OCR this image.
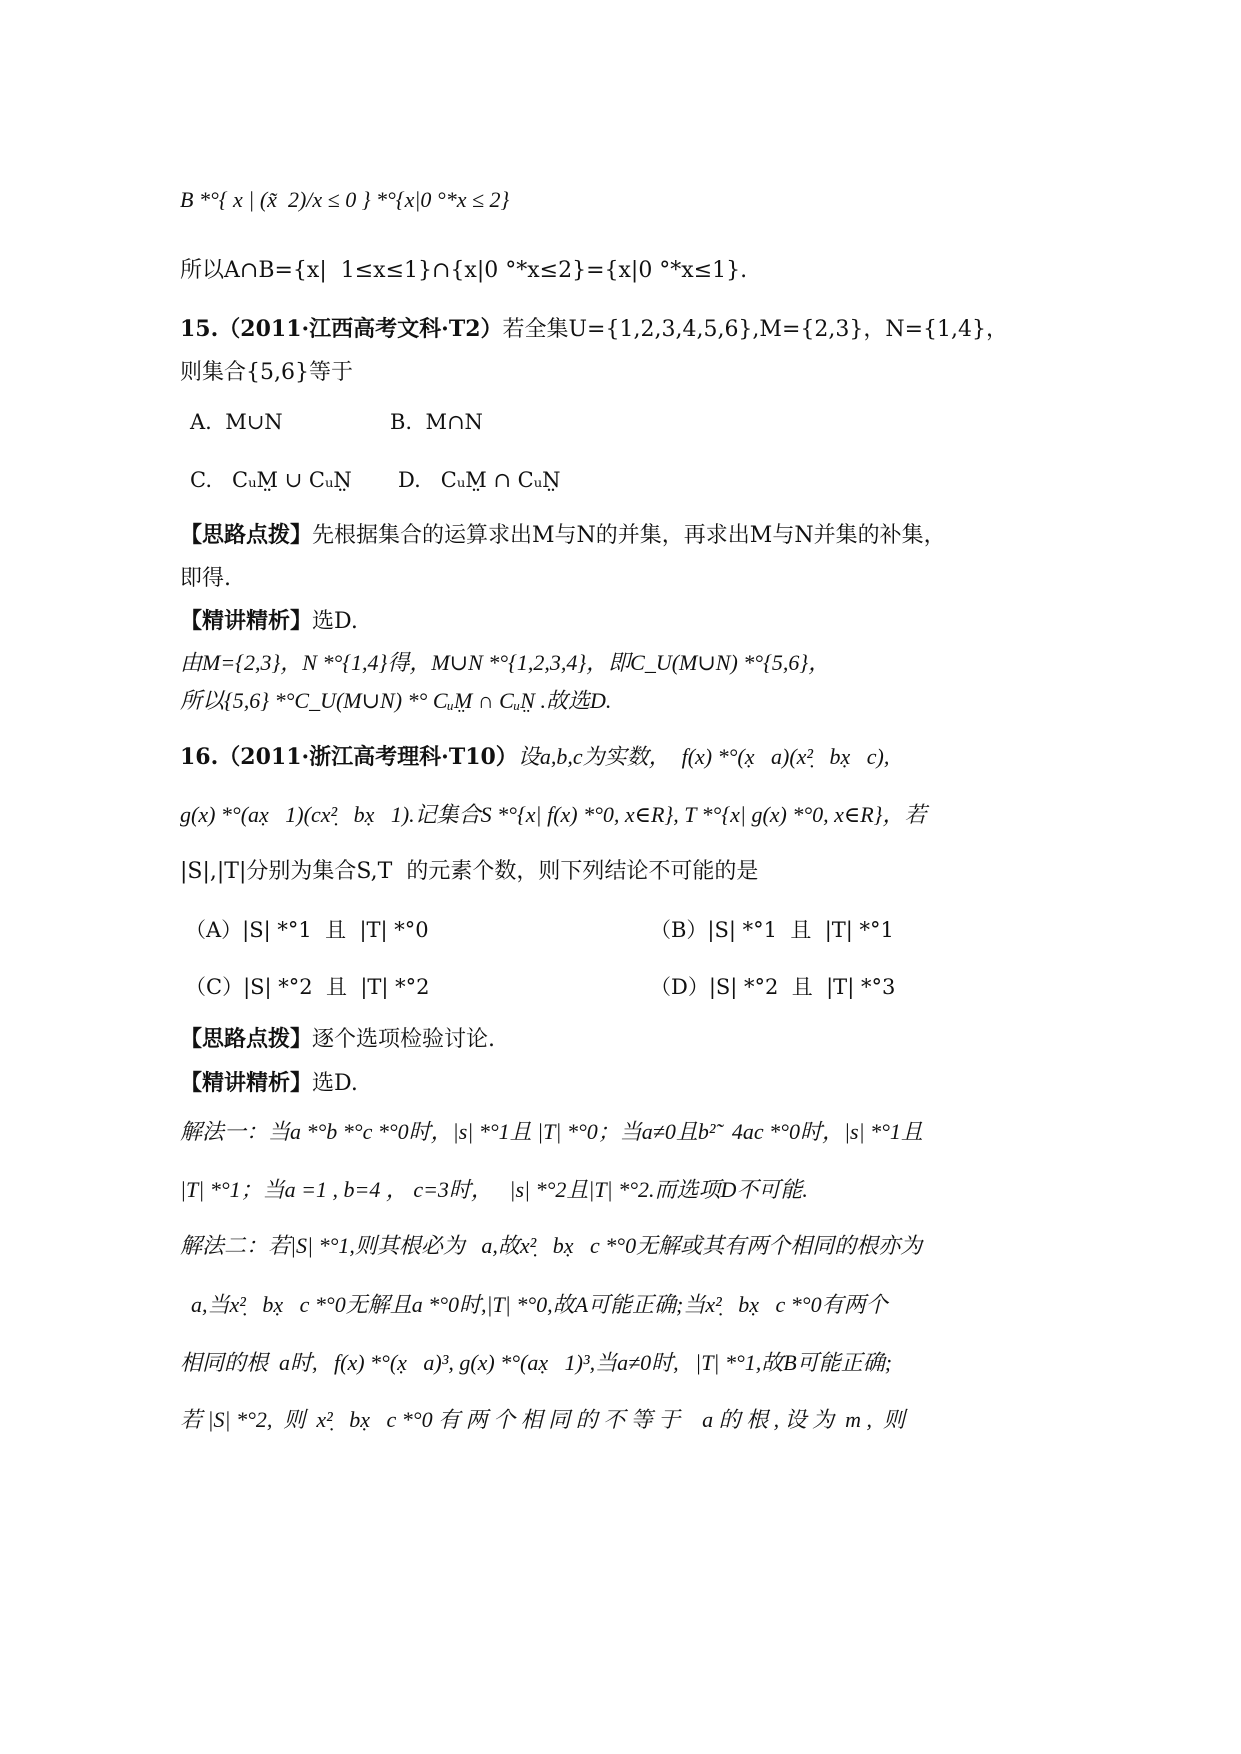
B *°{ x | (x̃  2)/x ≤ 0 } *°{x|0 °*x ≤ 2}
所以A∩B={x|  1≤x≤1}∩{x|0 °*x≤2}={x|0 °*x≤1}.
15.（2011·江西高考文科·T2）若全集U={1,2,3,4,5,6},M={2,3}，N={1,4}，
则集合{5,6}等于
A.  M∪N	B.  M∩N
C.   CᵤM̤ ∪ CᵤN̤ D.   CᵤM̤ ∩ CᵤN̤
【思路点拨】先根据集合的运算求出M与N的并集，再求出M与N并集的补集，
即得.
【精讲精析】选D.
由M={2,3}，N *°{1,4}得，M∪N *°{1,2,3,4}，即C_U(M∪N) *°{5,6}，
所以{5,6} *°C_U(M∪N) *° CᵤM̤ ∩ CᵤN̤ .故选D.
16.（2011·浙江高考理科·T10）设a,b,c为实数，  f(x) *°(x̣   a)(x²̣   bx̣   c),
g(x) *°(ax̣   1)(cx²̣   bx̣   1).记集合S *°{x| f(x) *°0, x∈R}, T *°{x| g(x) *°0, x∈R}，若
|S|,|T|分别为集合S,T  的元素个数，则下列结论不可能的是
（A）|S| *°1  且  |T| *°0	（B）|S| *°1  且  |T| *°1
（C）|S| *°2  且  |T| *°2	（D）|S| *°2  且  |T| *°3
【思路点拨】逐个选项检验讨论.
【精讲精析】选D.
解法一：当a *°b *°c *°0时，|s| *°1且 |T| *°0；当a≠0且b²̃   4ac *°0时，|s| *°1且
|T| *°1；当a =1 , b=4 ， c=3时，   |s| *°2且|T| *°2.而选项D不可能.
解法二：若|S| *°1,则其根必为   a,故x²̣   bx̣   c *°0无解或其有两个相同的根亦为
a,当x²̣   bx̣   c *°0无解且a *°0时,|T| *°0,故A可能正确;当x²̣   bx̣   c *°0有两个
相同的根  a时,   f(x) *°(x̣   a)³, g(x) *°(ax̣   1)³,当a≠0时,   |T| *°1,故B可能正确;
若 |S| *°2,  则  x²̣   bx̣   c *°0 有 两 个 相 同 的 不 等 于    a 的 根 , 设 为  m ,  则
